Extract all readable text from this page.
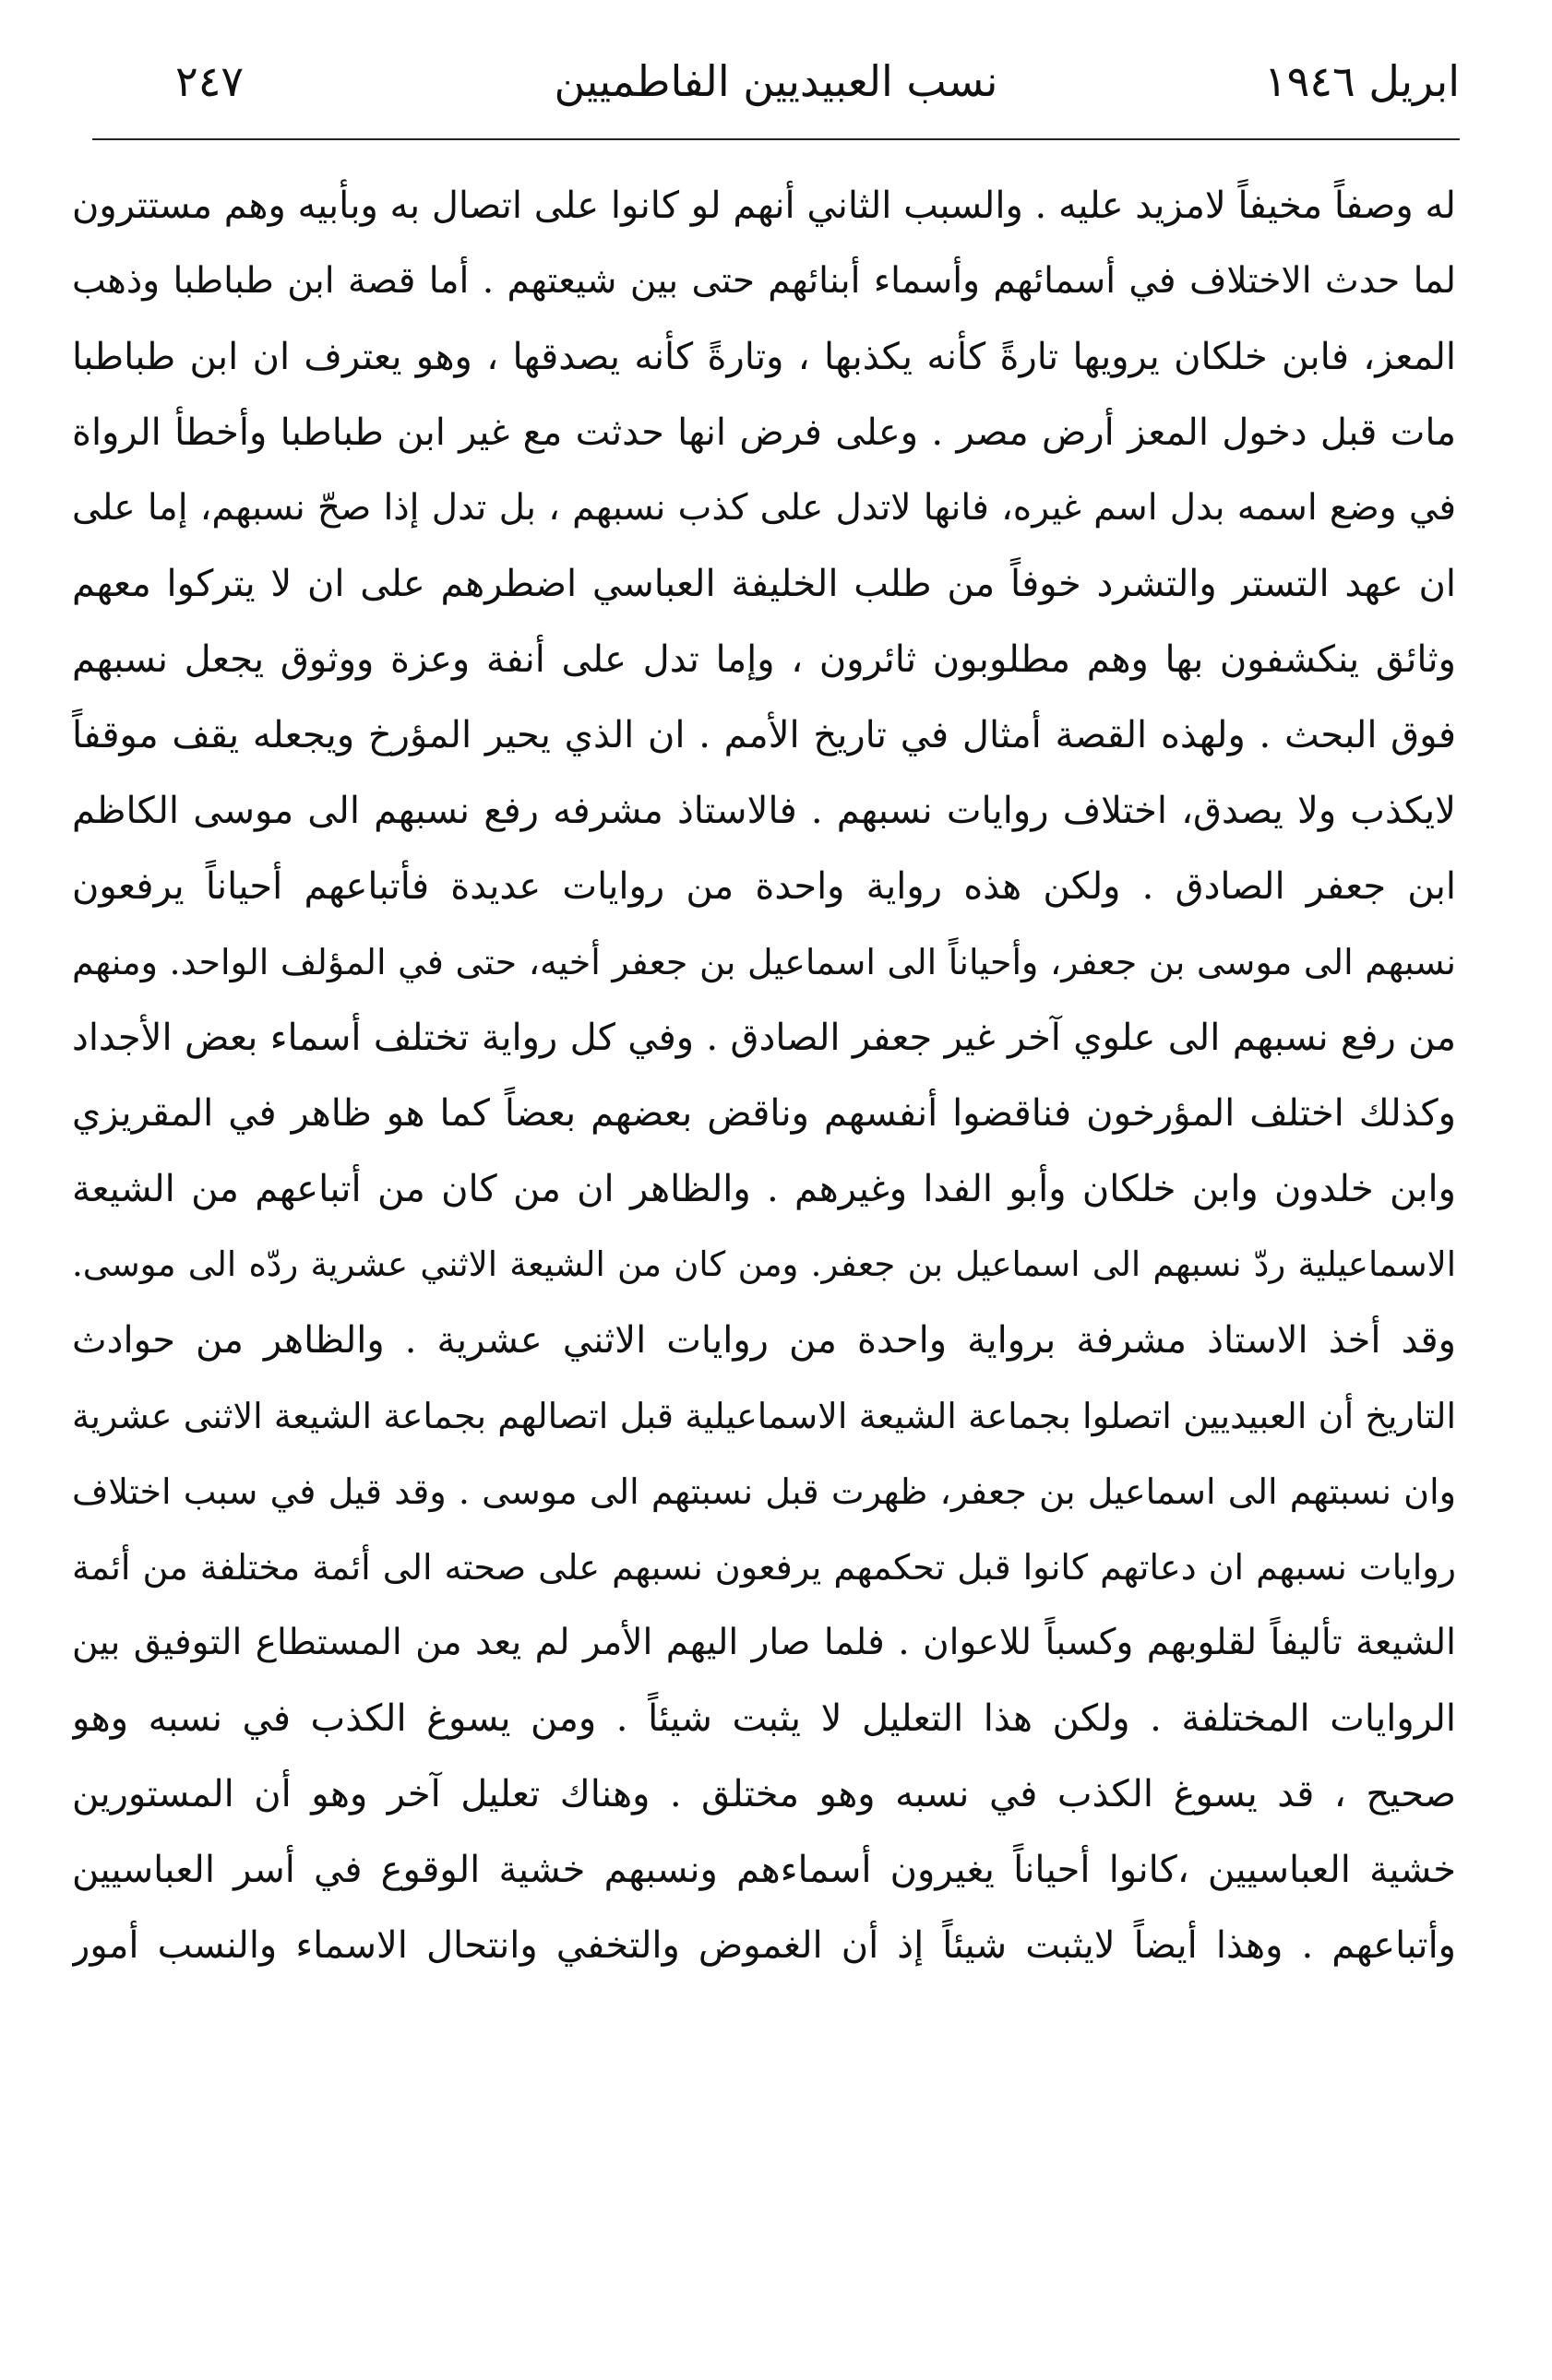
ابريل ١٩٤٦
نسب العبيديين الفاطميين
٢٤٧
له وصفاً مخيفاً لامزيد عليه . والسبب الثاني أنهم لو كانوا على اتصال به وبأبيه وهم مستترون
لما حدث الاختلاف في أسمائهم وأسماء أبنائهم حتى بين شيعتهم . أما قصة ابن طباطبا وذهب
المعز، فابن خلكان يرويها تارةً كأنه يكذبها ، وتارةً كأنه يصدقها ، وهو يعترف ان ابن طباطبا
مات قبل دخول المعز أرض مصر . وعلى فرض انها حدثت مع غير ابن طباطبا وأخطأ الرواة
في وضع اسمه بدل اسم غيره، فانها لاتدل على كذب نسبهم ، بل تدل إذا صحّ نسبهم، إما على
ان عهد التستر والتشرد خوفاً من طلب الخليفة العباسي اضطرهم على ان لا يتركوا معهم
وثائق ينكشفون بها وهم مطلوبون ثائرون ، وإما تدل على أنفة وعزة ووثوق يجعل نسبهم
فوق البحث . ولهذه القصة أمثال في تاريخ الأمم . ان الذي يحير المؤرخ ويجعله يقف موقفاً
لايكذب ولا يصدق، اختلاف روايات نسبهم . فالاستاذ مشرفه رفع نسبهم الى موسى الكاظم
ابن جعفر الصادق . ولكن هذه رواية واحدة من روايات عديدة فأتباعهم أحياناً يرفعون
نسبهم الى موسى بن جعفر، وأحياناً الى اسماعيل بن جعفر أخيه، حتى في المؤلف الواحد. ومنهم
من رفع نسبهم الى علوي آخر غير جعفر الصادق . وفي كل رواية تختلف أسماء بعض الأجداد
وكذلك اختلف المؤرخون فناقضوا أنفسهم وناقض بعضهم بعضاً كما هو ظاهر في المقريزي
وابن خلدون وابن خلكان وأبو الفدا وغيرهم . والظاهر ان من كان من أتباعهم من الشيعة
الاسماعيلية ردّ نسبهم الى اسماعيل بن جعفر. ومن كان من الشيعة الاثني عشرية ردّه الى موسى.
وقد أخذ الاستاذ مشرفة برواية واحدة من روايات الاثني عشرية . والظاهر من حوادث
التاريخ أن العبيديين اتصلوا بجماعة الشيعة الاسماعيلية قبل اتصالهم بجماعة الشيعة الاثنى عشرية
وان نسبتهم الى اسماعيل بن جعفر، ظهرت قبل نسبتهم الى موسى . وقد قيل في سبب اختلاف
روايات نسبهم ان دعاتهم كانوا قبل تحكمهم يرفعون نسبهم على صحته الى أئمة مختلفة من أئمة
الشيعة تأليفاً لقلوبهم وكسباً للاعوان . فلما صار اليهم الأمر لم يعد من المستطاع التوفيق بين
الروايات المختلفة . ولكن هذا التعليل لا يثبت شيئاً . ومن يسوغ الكذب في نسبه وهو
صحيح ، قد يسوغ الكذب في نسبه وهو مختلق . وهناك تعليل آخر وهو أن المستورين
خشية العباسيين ،كانوا أحياناً يغيرون أسماءهم ونسبهم خشية الوقوع في أسر العباسيين
وأتباعهم . وهذا أيضاً لايثبت شيئاً إذ أن الغموض والتخفي وانتحال الاسماء والنسب أمور
